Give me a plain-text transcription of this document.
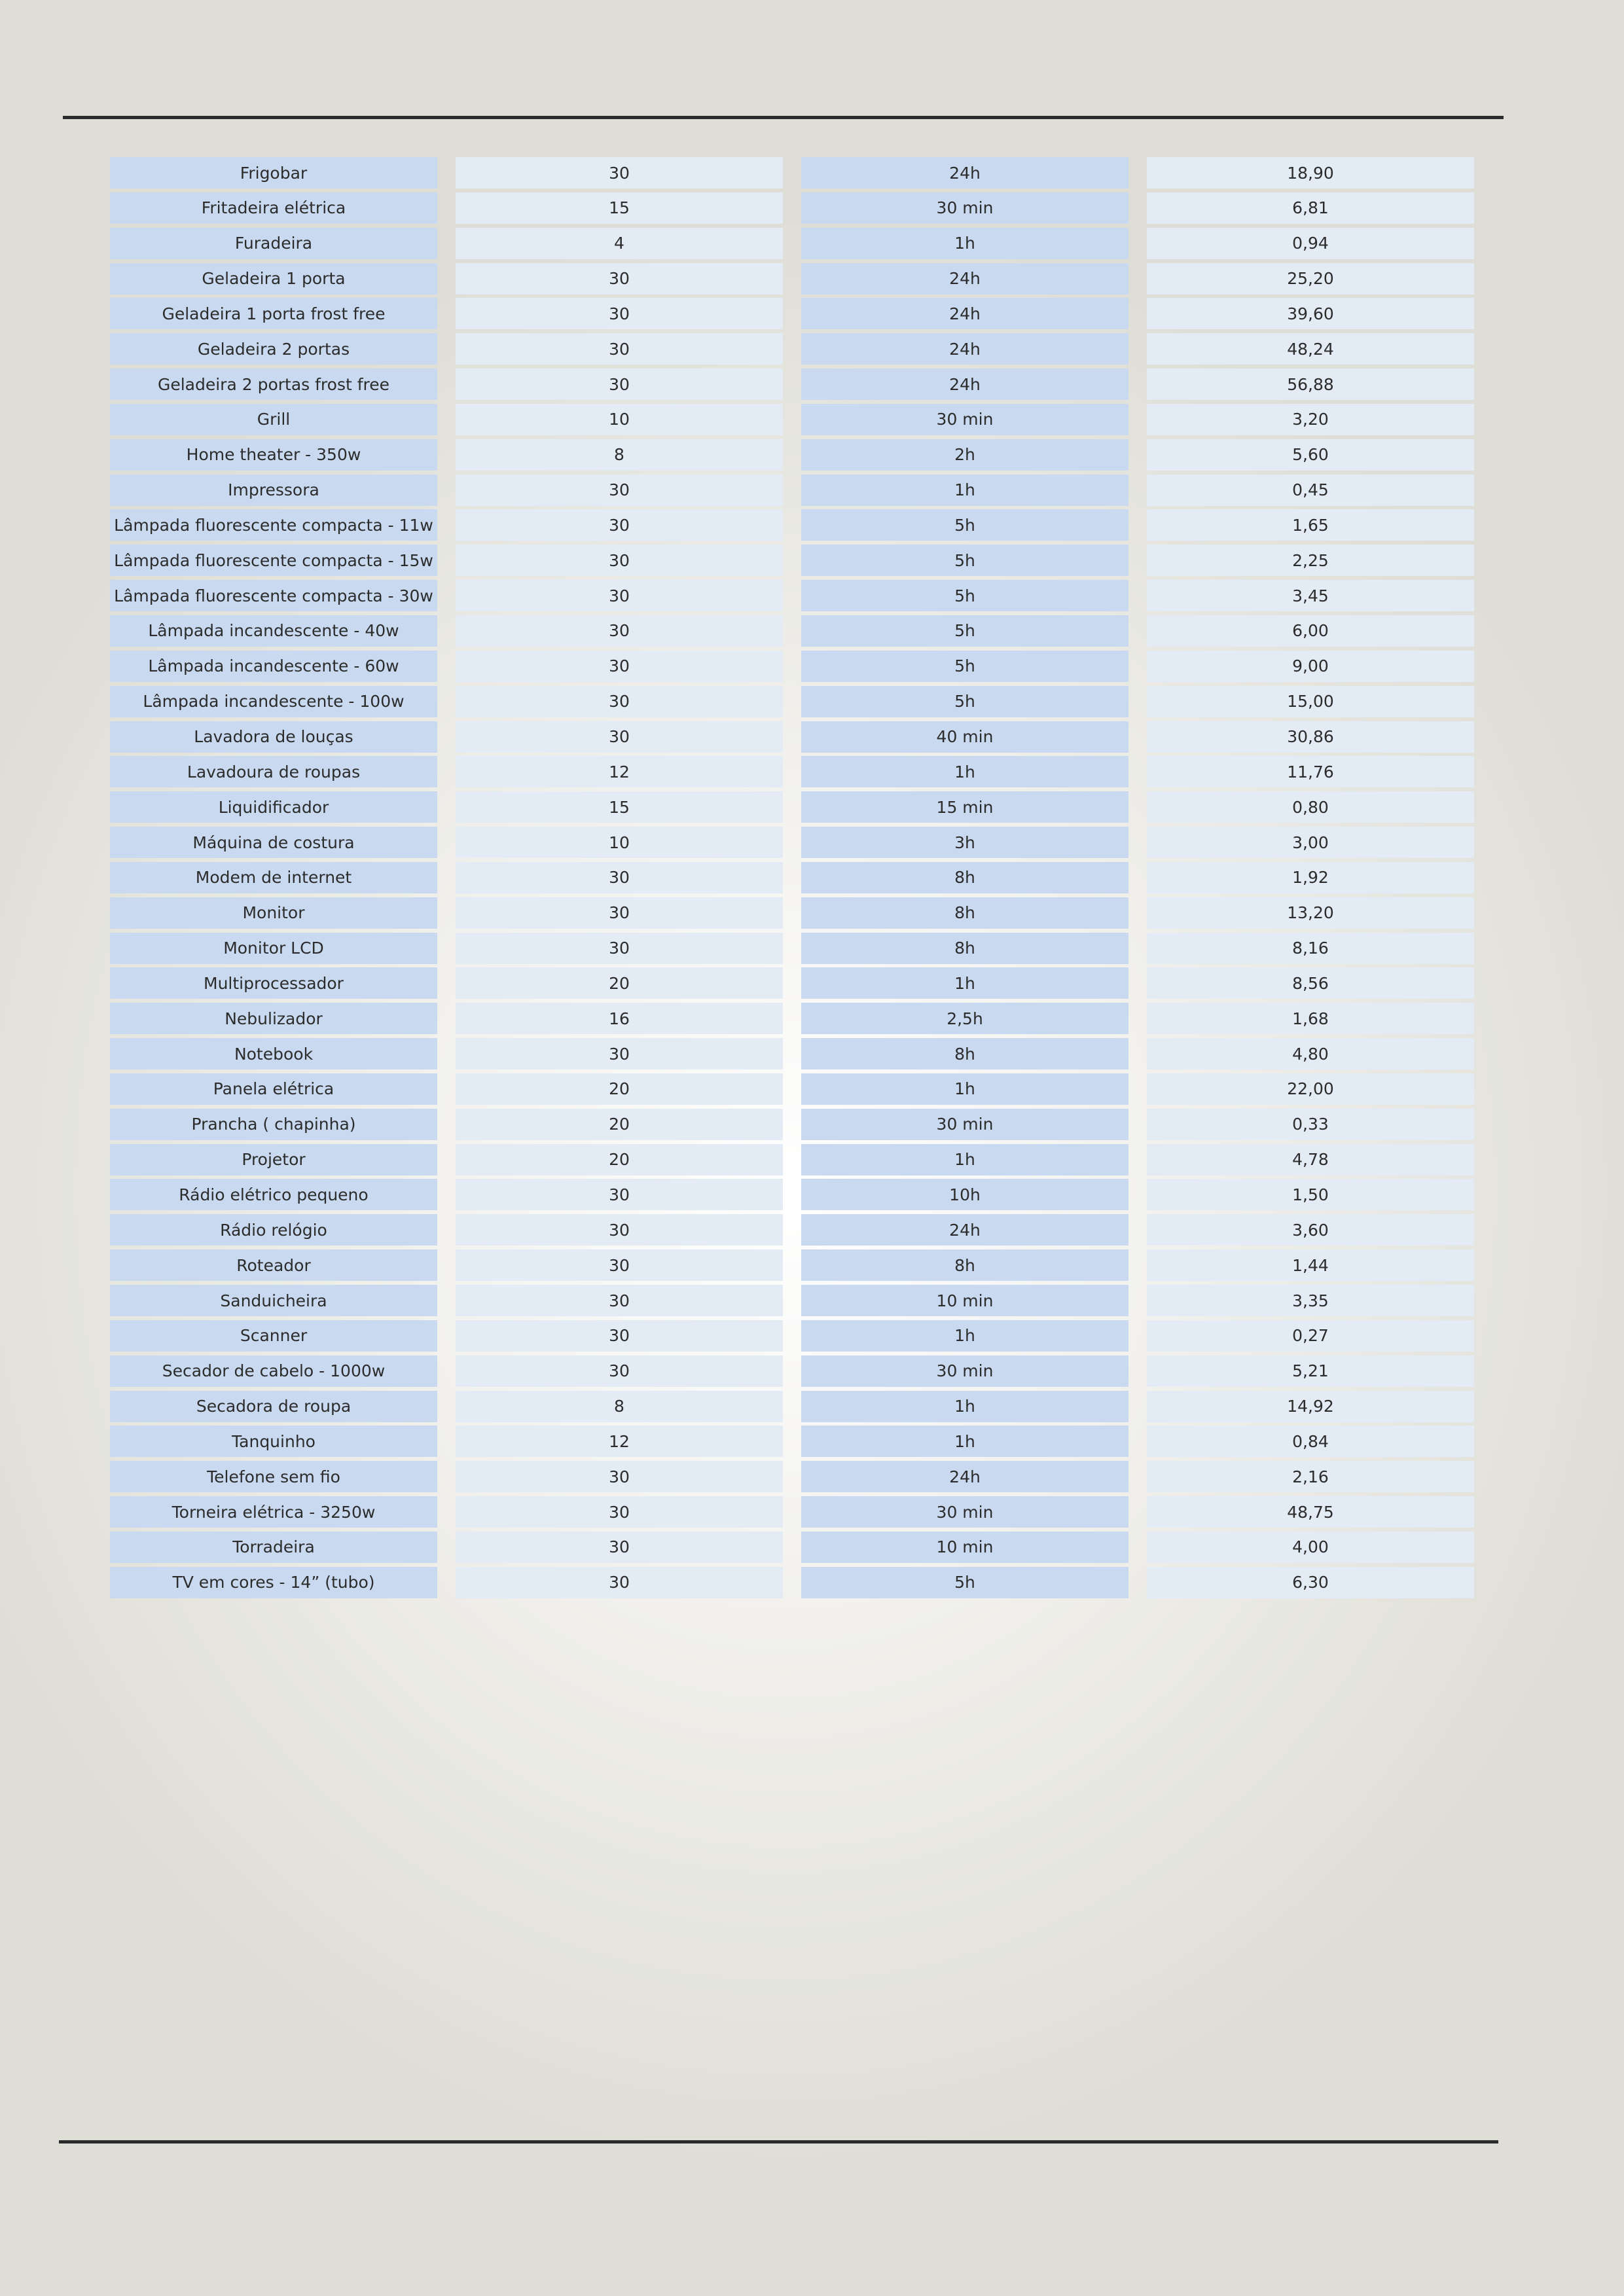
Frigobar
Fritadeira elétrica
Furadeira
Geladeira 1 porta
Geladeira 1 porta frost free
Geladeira 2 portas
Geladeira 2 portas frost free
Grill
Home theater - 350w
Impressora
Lâmpada fluorescente compacta - 11w
Lâmpada fluorescente compacta - 15w
Lâmpada fluorescente compacta - 30w
Lâmpada incandescente - 40w
Lâmpada incandescente - 60w
Lâmpada incandescente - 100w
Lavadora de louças
Lavadoura de roupas
Liquidificador
Máquina de costura
Modem de internet
Monitor
Monitor LCD
Multiprocessador
Nebulizador
Notebook
Panela elétrica
Prancha ( chapinha)
Projetor
Rádio elétrico pequeno
Rádio relógio
Roteador
Sanduicheira
Scanner
Secador de cabelo - 1000w
Secadora de roupa
Tanquinho
Telefone sem fio
Torneira elétrica - 3250w
Torradeira
TV em cores - 14” (tubo)
30
15
4
30
30
30
30
10
8
30
30
30
30
30
30
30
30
12
15
10
30
30
30
20
16
30
20
20
20
30
30
30
30
30
30
8
12
30
30
30
30
24h
30 min
1h
24h
24h
24h
24h
30 min
2h
1h
5h
5h
5h
5h
5h
5h
40 min
1h
15 min
3h
8h
8h
8h
1h
2,5h
8h
1h
30 min
1h
10h
24h
8h
10 min
1h
30 min
1h
1h
24h
30 min
10 min
5h
18,90
6,81
0,94
25,20
39,60
48,24
56,88
3,20
5,60
0,45
1,65
2,25
3,45
6,00
9,00
15,00
30,86
11,76
0,80
3,00
1,92
13,20
8,16
8,56
1,68
4,80
22,00
0,33
4,78
1,50
3,60
1,44
3,35
0,27
5,21
14,92
0,84
2,16
48,75
4,00
6,30
